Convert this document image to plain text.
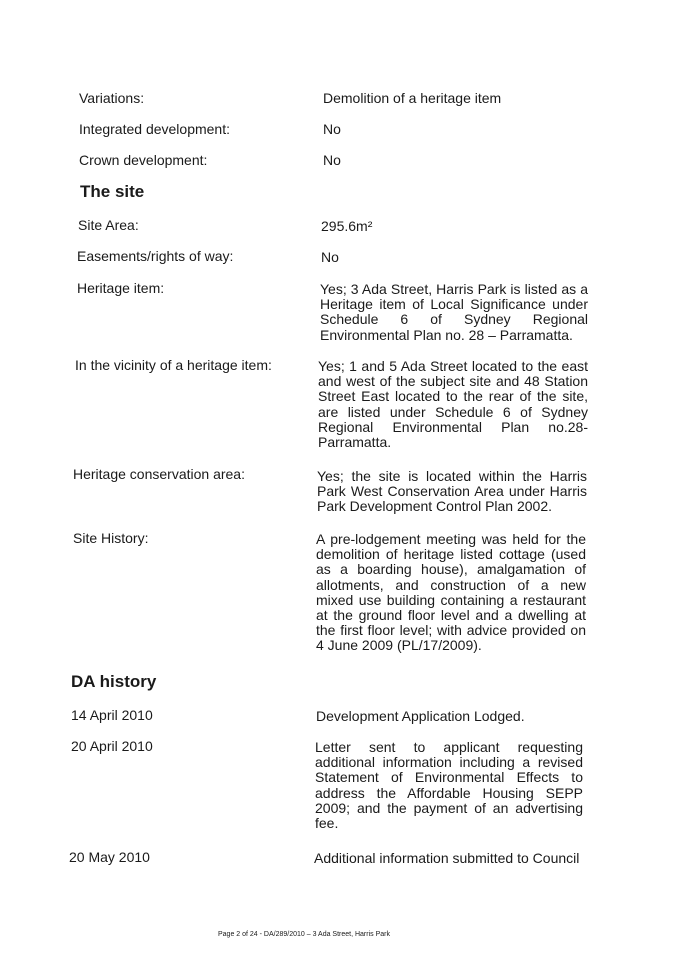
Variations:	Demolition of a heritage item
Integrated development:	No
Crown development:	No
The site
Site Area:	295.6m²
Easements/rights of way:	No
Heritage item:	Yes; 3 Ada Street, Harris Park is listed as a Heritage item of Local Significance under Schedule 6 of Sydney Regional Environmental Plan no. 28 – Parramatta.
In the vicinity of a heritage item:	Yes; 1 and 5 Ada Street located to the east and west of the subject site and 48 Station Street East located to the rear of the site, are listed under Schedule 6 of Sydney Regional Environmental Plan no.28-Parramatta.
Heritage conservation area:	Yes; the site is located within the Harris Park West Conservation Area under Harris Park Development Control Plan 2002.
Site History:	A pre-lodgement meeting was held for the demolition of heritage listed cottage (used as a boarding house), amalgamation of allotments, and construction of a new mixed use building containing a restaurant at the ground floor level and a dwelling at the first floor level; with advice provided on 4 June 2009 (PL/17/2009).
DA history
14 April 2010	Development Application Lodged.
20 April 2010	Letter sent to applicant requesting additional information including a revised Statement of Environmental Effects to address the Affordable Housing SEPP 2009; and the payment of an advertising fee.
20 May 2010	Additional information submitted to Council
Page 2 of 24 - DA/289/2010 – 3 Ada Street, Harris Park
